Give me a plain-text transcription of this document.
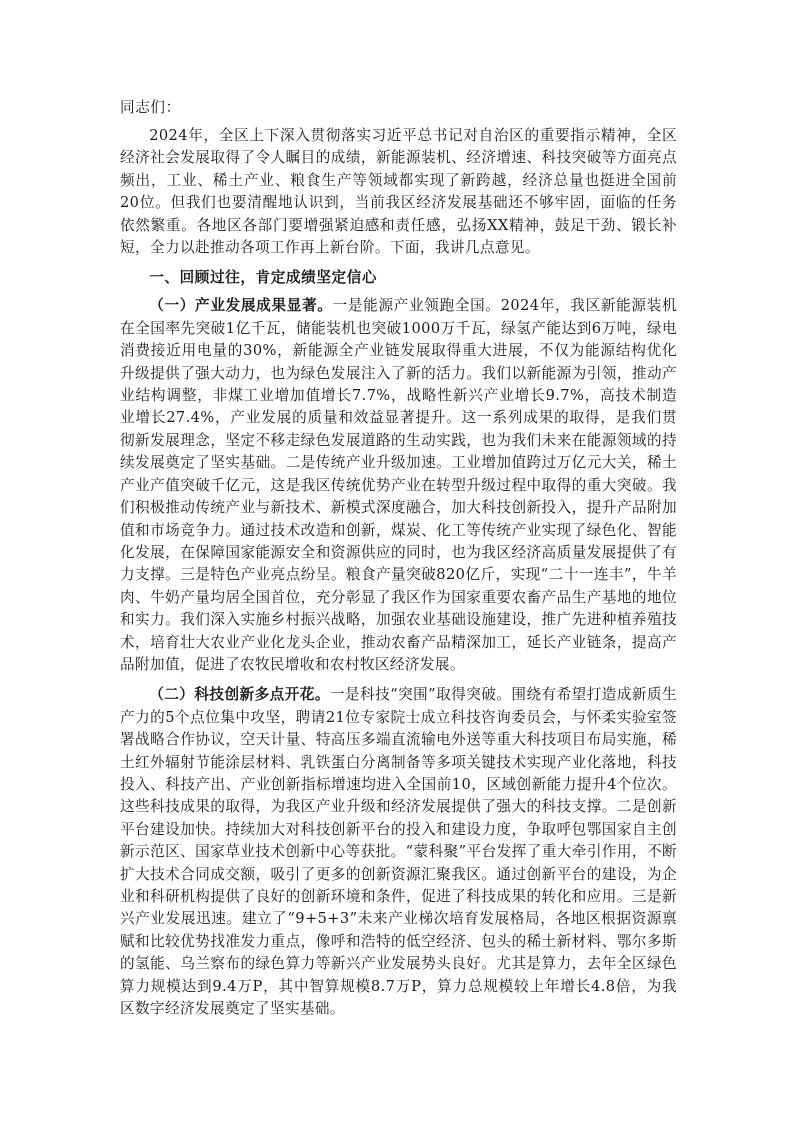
同志们：

2024年，全区上下深入贯彻落实习近平总书记对自治区的重要指示精神，全区经济社会发展取得了令人瞩目的成绩，新能源装机、经济增速、科技突破等方面亮点频出，工业、稀土产业、粮食生产等领域都实现了新跨越，经济总量也挺进全国前20位。但我们也要清醒地认识到，当前我区经济发展基础还不够牢固，面临的任务依然繁重。各地区各部门要增强紧迫感和责任感，弘扬XX精神，鼓足干劲、锻长补短，全力以赴推动各项工作再上新台阶。下面，我讲几点意见。

一、回顾过往，肯定成绩坚定信心

（一）产业发展成果显著。一是能源产业领跑全国。2024年，我区新能源装机在全国率先突破1亿千瓦，储能装机也突破1000万千瓦，绿氢产能达到6万吨，绿电消费接近用电量的30%，新能源全产业链发展取得重大进展，不仅为能源结构优化升级提供了强大动力，也为绿色发展注入了新的活力。我们以新能源为引领，推动产业结构调整，非煤工业增加值增长7.7%，战略性新兴产业增长9.7%，高技术制造业增长27.4%，产业发展的质量和效益显著提升。这一系列成果的取得，是我们贯彻新发展理念，坚定不移走绿色发展道路的生动实践，也为我们未来在能源领域的持续发展奠定了坚实基础。二是传统产业升级加速。工业增加值跨过万亿元大关，稀土产业产值突破千亿元，这是我区传统优势产业在转型升级过程中取得的重大突破。我们积极推动传统产业与新技术、新模式深度融合，加大科技创新投入，提升产品附加值和市场竞争力。通过技术改造和创新，煤炭、化工等传统产业实现了绿色化、智能化发展，在保障国家能源安全和资源供应的同时，也为我区经济高质量发展提供了有力支撑。三是特色产业亮点纷呈。粮食产量突破820亿斤，实现“二十一连丰”，牛羊肉、牛奶产量均居全国首位，充分彰显了我区作为国家重要农畜产品生产基地的地位和实力。我们深入实施乡村振兴战略，加强农业基础设施建设，推广先进种植养殖技术，培育壮大农业产业化龙头企业，推动农畜产品精深加工，延长产业链条，提高产品附加值，促进了农牧民增收和农村牧区经济发展。

（二）科技创新多点开花。一是科技“突围”取得突破。围绕有希望打造成新质生产力的5个点位集中攻坚，聘请21位专家院士成立科技咨询委员会，与怀柔实验室签署战略合作协议，空天计量、特高压多端直流输电外送等重大科技项目布局实施，稀土红外辐射节能涂层材料、乳铁蛋白分离制备等多项关键技术实现产业化落地，科技投入、科技产出、产业创新指标增速均进入全国前10，区域创新能力提升4个位次。这些科技成果的取得，为我区产业升级和经济发展提供了强大的科技支撑。二是创新平台建设加快。持续加大对科技创新平台的投入和建设力度，争取呼包鄂国家自主创新示范区、国家草业技术创新中心等获批。“蒙科聚”平台发挥了重大牵引作用，不断扩大技术合同成交额，吸引了更多的创新资源汇聚我区。通过创新平台的建设，为企业和科研机构提供了良好的创新环境和条件，促进了科技成果的转化和应用。三是新兴产业发展迅速。建立了“9+5+3”未来产业梯次培育发展格局，各地区根据资源禀赋和比较优势找准发力重点，像呼和浩特的低空经济、包头的稀土新材料、鄂尔多斯的氢能、乌兰察布的绿色算力等新兴产业发展势头良好。尤其是算力，去年全区绿色算力规模达到9.4万P，其中智算规模8.7万P，算力总规模较上年增长4.8倍，为我区数字经济发展奠定了坚实基础。
